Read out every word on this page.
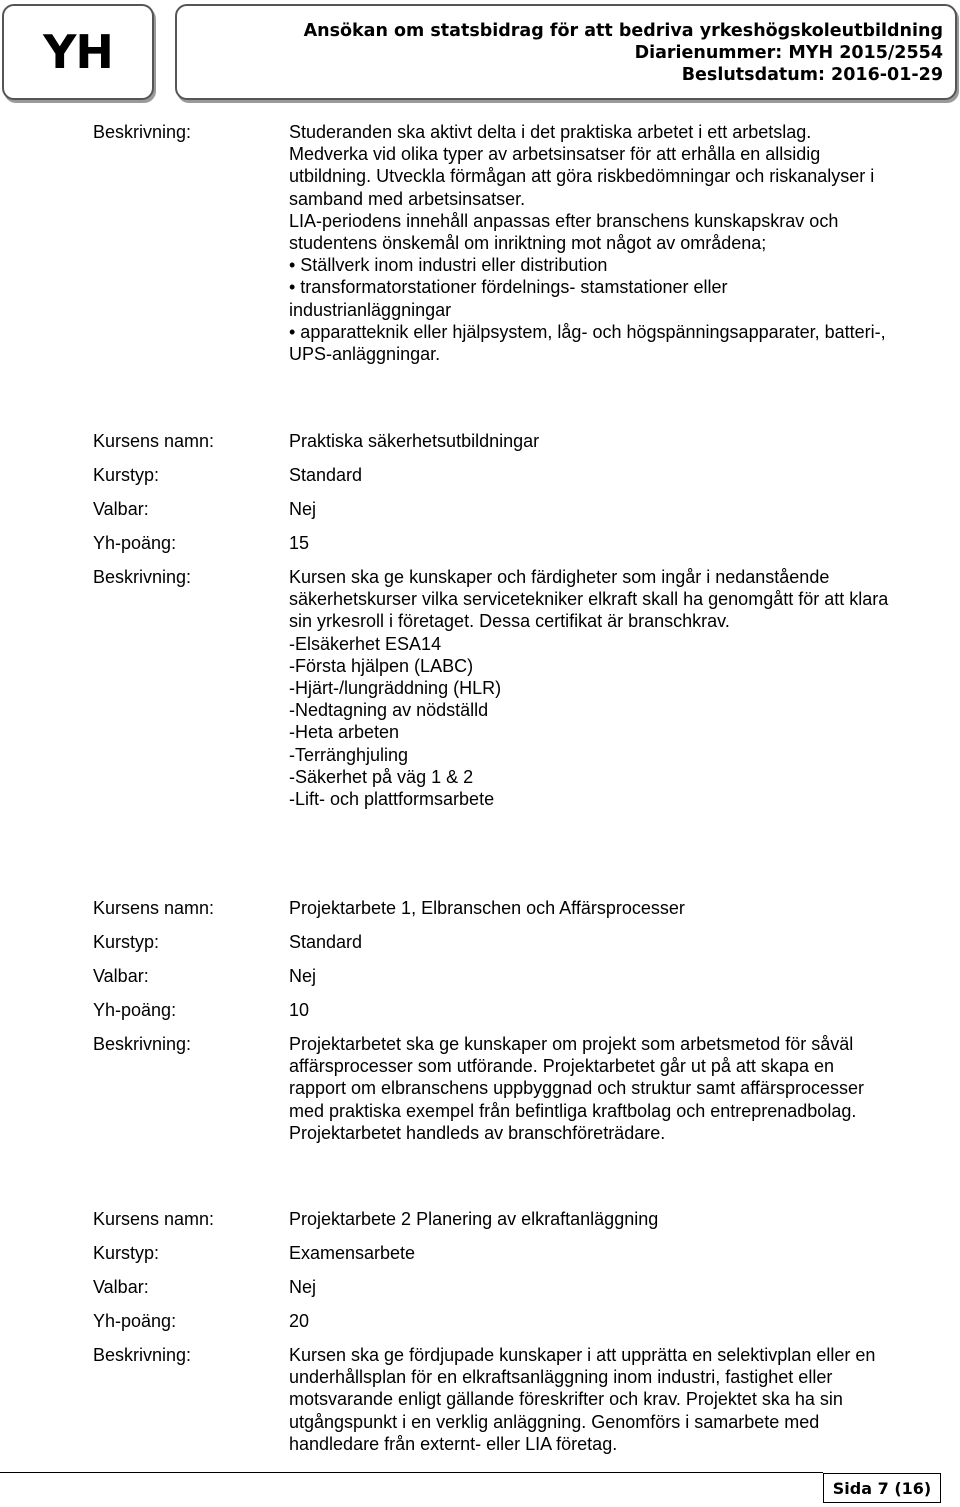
YH	Ansökan om statsbidrag för att bedriva yrkeshögskoleutbildning
Diarienummer: MYH 2015/2554
Beslutsdatum: 2016-01-29
Beskrivning:	Studeranden ska aktivt delta i det praktiska arbetet i ett arbetslag.

Medverka vid olika typer av arbetsinsatser för att erhålla en allsidig

utbildning. Utveckla förmågan att göra riskbedömningar och riskanalyser i

samband med arbetsinsatser.

LIA-periodens innehåll anpassas efter branschens kunskapskrav och

studentens önskemål om inriktning mot något av områdena;

• Ställverk inom industri eller distribution

• transformatorstationer fördelnings- stamstationer eller

industrianläggningar

• apparatteknik eller hjälpsystem, låg- och högspänningsapparater, batteri-,

UPS-anläggningar.

Kursens namn:	Praktiska säkerhetsutbildningar
Kurstyp:	Standard
Valbar:	Nej
Yh-poäng:	15
Beskrivning:	Kursen ska ge kunskaper och färdigheter som ingår i nedanstående

säkerhetskurser vilka servicetekniker elkraft skall ha genomgått för att klara

sin yrkesroll i företaget. Dessa certifikat är branschkrav.

-Elsäkerhet ESA14

-Första hjälpen (LABC)

-Hjärt-/lungräddning (HLR)

-Nedtagning av nödställd

-Heta arbeten

-Terränghjuling

-Säkerhet på väg 1 & 2

-Lift- och plattformsarbete

Kursens namn:	Projektarbete 1, Elbranschen och Affärsprocesser
Kurstyp:	Standard
Valbar:	Nej
Yh-poäng:	10
Beskrivning:	Projektarbetet ska ge kunskaper om projekt som arbetsmetod för såväl

affärsprocesser som utförande. Projektarbetet går ut på att skapa en

rapport om elbranschens uppbyggnad och struktur samt affärsprocesser

med praktiska exempel från befintliga kraftbolag och entreprenadbolag.

Projektarbetet handleds av branschföreträdare.

Kursens namn:	Projektarbete 2 Planering av elkraftanläggning
Kurstyp:	Examensarbete
Valbar:	Nej
Yh-poäng:	20
Beskrivning:	Kursen ska ge fördjupade kunskaper i att upprätta en selektivplan eller en

underhållsplan för en elkraftsanläggning inom industri, fastighet eller

motsvarande enligt gällande föreskrifter och krav. Projektet ska ha sin

utgångspunkt i en verklig anläggning. Genomförs i samarbete med

handledare från externt- eller LIA företag.

Sida 7 (16)
